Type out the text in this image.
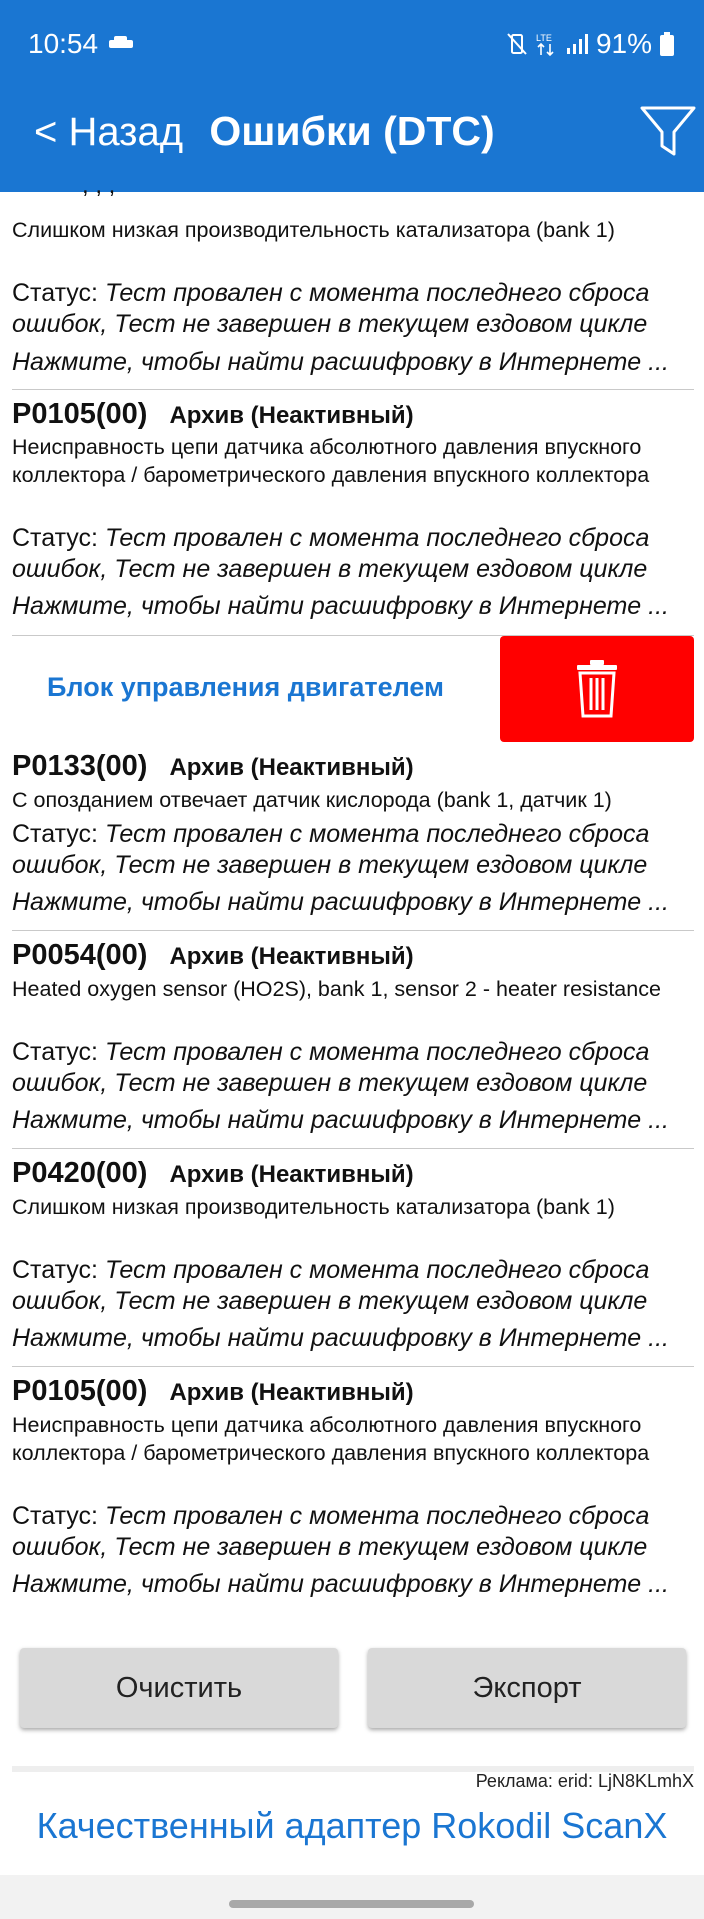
10:54	LTE 91%
< Назад Ошибки (DTC)
, , ,
Слишком низкая производительность катализатора (bank 1)
Статус: Тест провален с момента последнего сброса ошибок, Тест не завершен в текущем ездовом цикле
Нажмите, чтобы найти расшифровку в Интернете ...
P0105(00) Архив (Неактивный)
Неисправность цепи датчика абсолютного давления впускного коллектора / барометрического давления впускного коллектора
Статус: Тест провален с момента последнего сброса ошибок, Тест не завершен в текущем ездовом цикле
Нажмите, чтобы найти расшифровку в Интернете ...
Блок управления двигателем
P0133(00) Архив (Неактивный)
С опозданием отвечает датчик кислорода (bank 1, датчик 1)
Статус: Тест провален с момента последнего сброса ошибок, Тест не завершен в текущем ездовом цикле
Нажмите, чтобы найти расшифровку в Интернете ...
P0054(00) Архив (Неактивный)
Heated oxygen sensor (HO2S), bank 1, sensor 2 - heater resistance
Статус: Тест провален с момента последнего сброса ошибок, Тест не завершен в текущем ездовом цикле
Нажмите, чтобы найти расшифровку в Интернете ...
P0420(00) Архив (Неактивный)
Слишком низкая производительность катализатора (bank 1)
Статус: Тест провален с момента последнего сброса ошибок, Тест не завершен в текущем ездовом цикле
Нажмите, чтобы найти расшифровку в Интернете ...
P0105(00) Архив (Неактивный)
Неисправность цепи датчика абсолютного давления впускного коллектора / барометрического давления впускного коллектора
Статус: Тест провален с момента последнего сброса ошибок, Тест не завершен в текущем ездовом цикле
Нажмите, чтобы найти расшифровку в Интернете ...
Очистить	Экспорт
Реклама: erid: LjN8KLmhX
Качественный адаптер Rokodil ScanX
